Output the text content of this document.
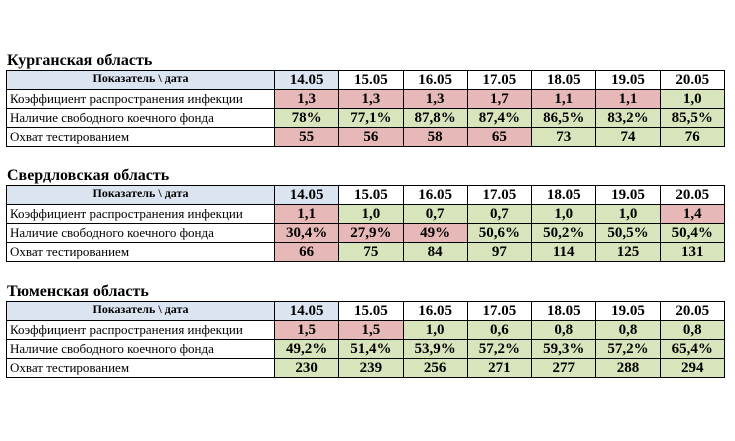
Курганская область
Показатель \ дата	14.05	15.05	16.05	17.05	18.05	19.05	20.05
Коэффициент распространения инфекции	1,3	1,3	1,3	1,7	1,1	1,1	1,0
Наличие свободного коечного фонда	78%	77,1%	87,8%	87,4%	86,5%	83,2%	85,5%
Охват тестированием	55	56	58	65	73	74	76
Свердловская область
Показатель \ дата	14.05	15.05	16.05	17.05	18.05	19.05	20.05
Коэффициент распространения инфекции	1,1	1,0	0,7	0,7	1,0	1,0	1,4
Наличие свободного коечного фонда	30,4%	27,9%	49%	50,6%	50,2%	50,5%	50,4%
Охват тестированием	66	75	84	97	114	125	131
Тюменская область
Показатель \ дата	14.05	15.05	16.05	17.05	18.05	19.05	20.05
Коэффициент распространения инфекции	1,5	1,5	1,0	0,6	0,8	0,8	0,8
Наличие свободного коечного фонда	49,2%	51,4%	53,9%	57,2%	59,3%	57,2%	65,4%
Охват тестированием	230	239	256	271	277	288	294
